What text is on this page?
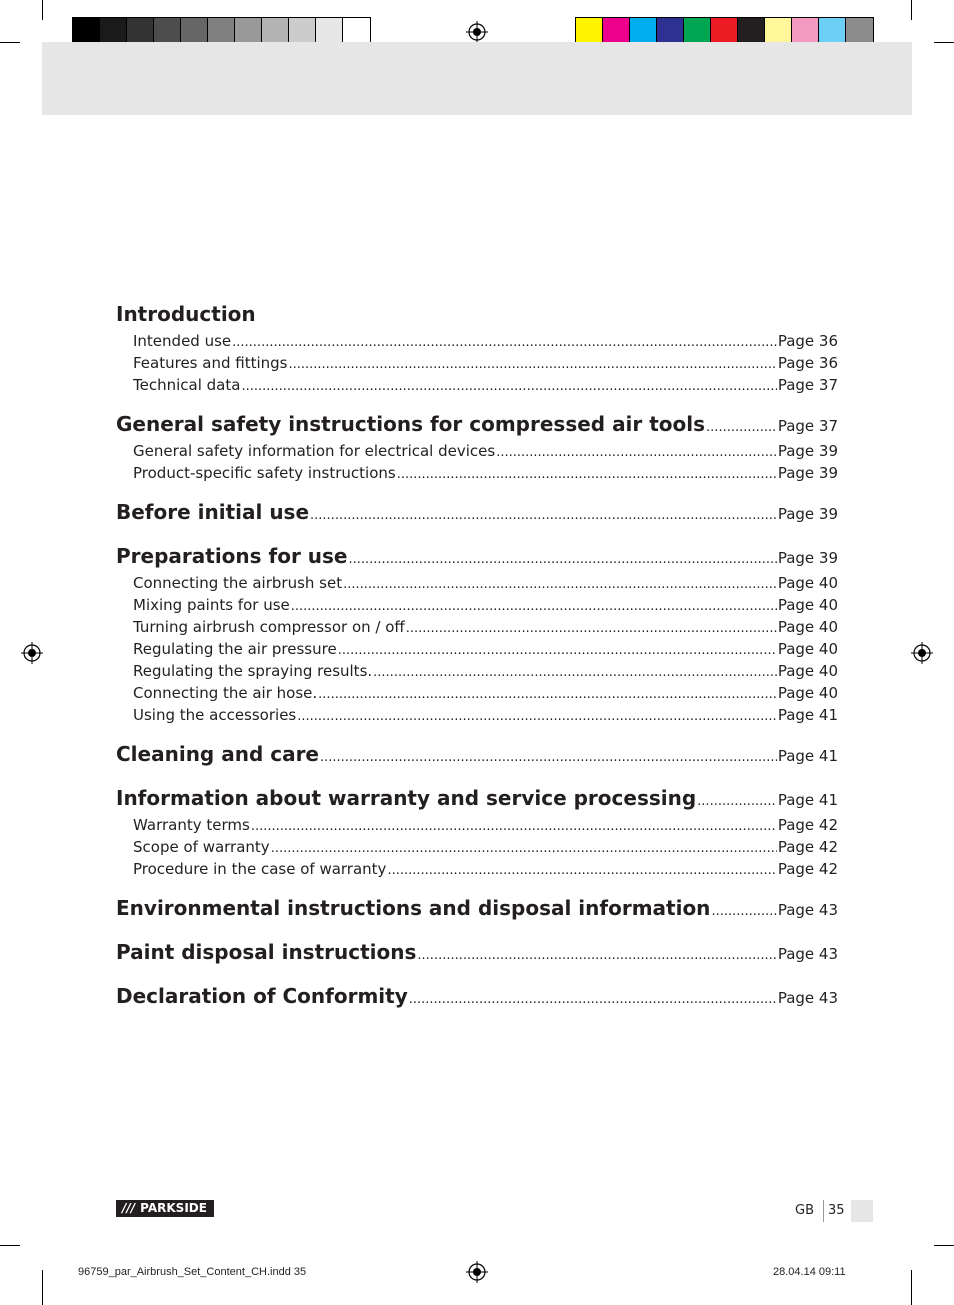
Introduction
Intended use .....	Page 36
Features and fittings .....	Page 36
Technical data .....	Page 37
General safety instructions for compressed air tools .....	Page 37
General safety information for electrical devices .....	Page 39
Product-specific safety instructions .....	Page 39
Before initial use .....	Page 39
Preparations for use .....	Page 39
Connecting the airbrush set .....	Page 40
Mixing paints for use .....	Page 40
Turning airbrush compressor on / off .....	Page 40
Regulating the air pressure .....	Page 40
Regulating the spraying results. .....	Page 40
Connecting the air hose. .....	Page 40
Using the accessories .....	Page 41
Cleaning and care .....	Page 41
Information about warranty and service processing .....	Page 41
Warranty terms .....	Page 42
Scope of warranty .....	Page 42
Procedure in the case of warranty .....	Page 42
Environmental instructions and disposal information .....	Page 43
Paint disposal instructions .....	Page 43
Declaration of Conformity .....	Page 43
/// PARKSIDE	GB 35
96759_par_Airbrush_Set_Content_CH.indd 35	28.04.14 09:11
